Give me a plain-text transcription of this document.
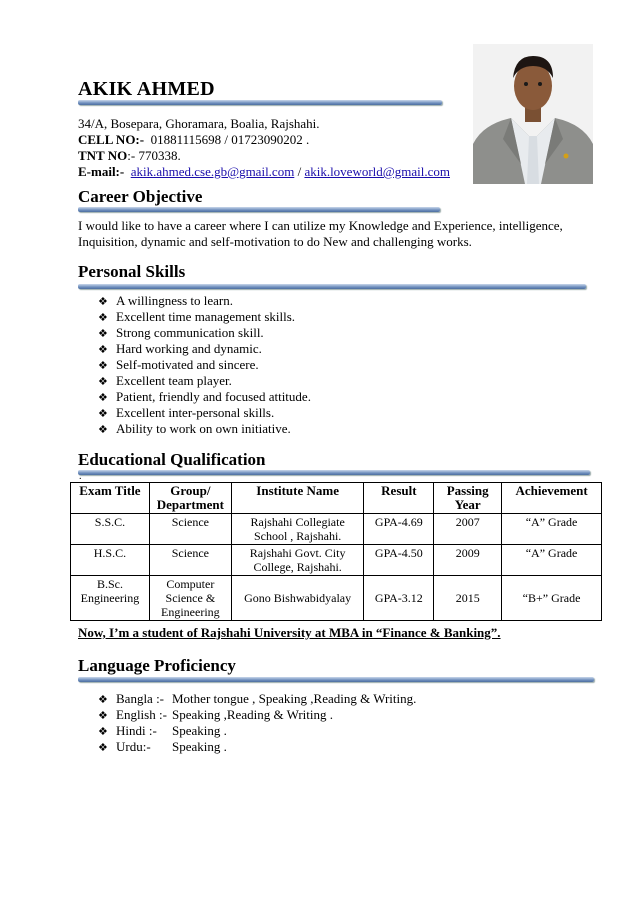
AKIK AHMED
34/A, Bosepara, Ghoramara, Boalia, Rajshahi.
CELL NO:- 01881115698 / 01723090202 .
TNT NO:- 770338.
E-mail:- akik.ahmed.cse.gb@gmail.com / akik.loveworld@gmail.com
Career Objective
I would like to have a career where I can utilize my Knowledge and Experience, intelligence, Inquisition, dynamic and self-motivation to do New and challenging works.
Personal Skills
❖ A willingness to learn.
❖ Excellent time management skills.
❖ Strong communication skill.
❖ Hard working and dynamic.
❖ Self-motivated and sincere.
❖ Excellent team player.
❖ Patient, friendly and focused attitude.
❖ Excellent inter-personal skills.
❖ Ability to work on own initiative.
Educational Qualification
.
Exam Title	Group/ Department	Institute Name	Result	Passing Year	Achievement
S.S.C.	Science	Rajshahi Collegiate School , Rajshahi.	GPA-4.69	2007	“A” Grade
H.S.C.	Science	Rajshahi Govt. City College, Rajshahi.	GPA-4.50	2009	“A” Grade
B.Sc. Engineering	Computer Science & Engineering	Gono Bishwabidyalay	GPA-3.12	2015	“B+” Grade
Now, I’m a student of Rajshahi University at MBA in “Finance & Banking”.
Language Proficiency
❖ Bangla :- Mother tongue , Speaking ,Reading & Writing.
❖ English :- Speaking ,Reading & Writing .
❖ Hindi :- Speaking .
❖ Urdu:- Speaking .
